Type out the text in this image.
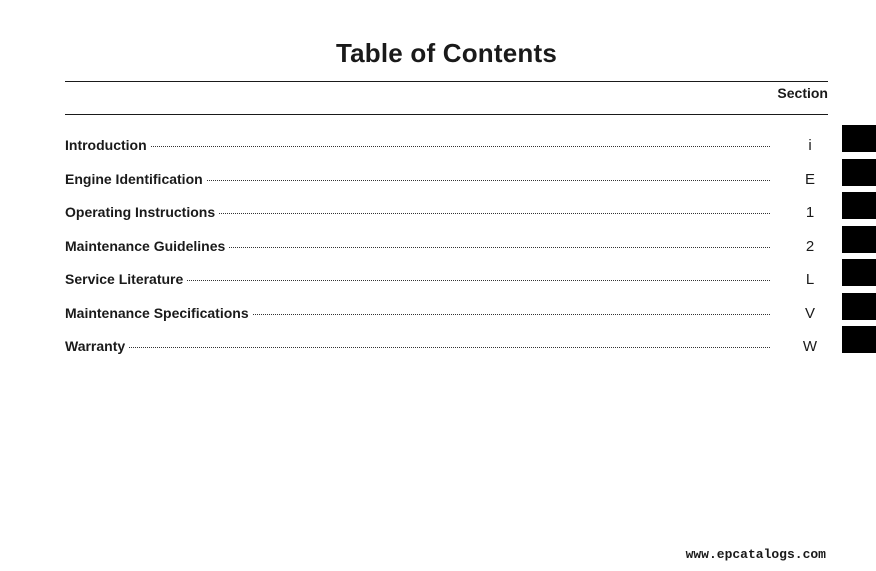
Table of Contents
Section
Introduction	i
Engine Identification	E
Operating Instructions	1
Maintenance Guidelines	2
Service Literature	L
Maintenance Specifications	V
Warranty	W
www.epcatalogs.com
